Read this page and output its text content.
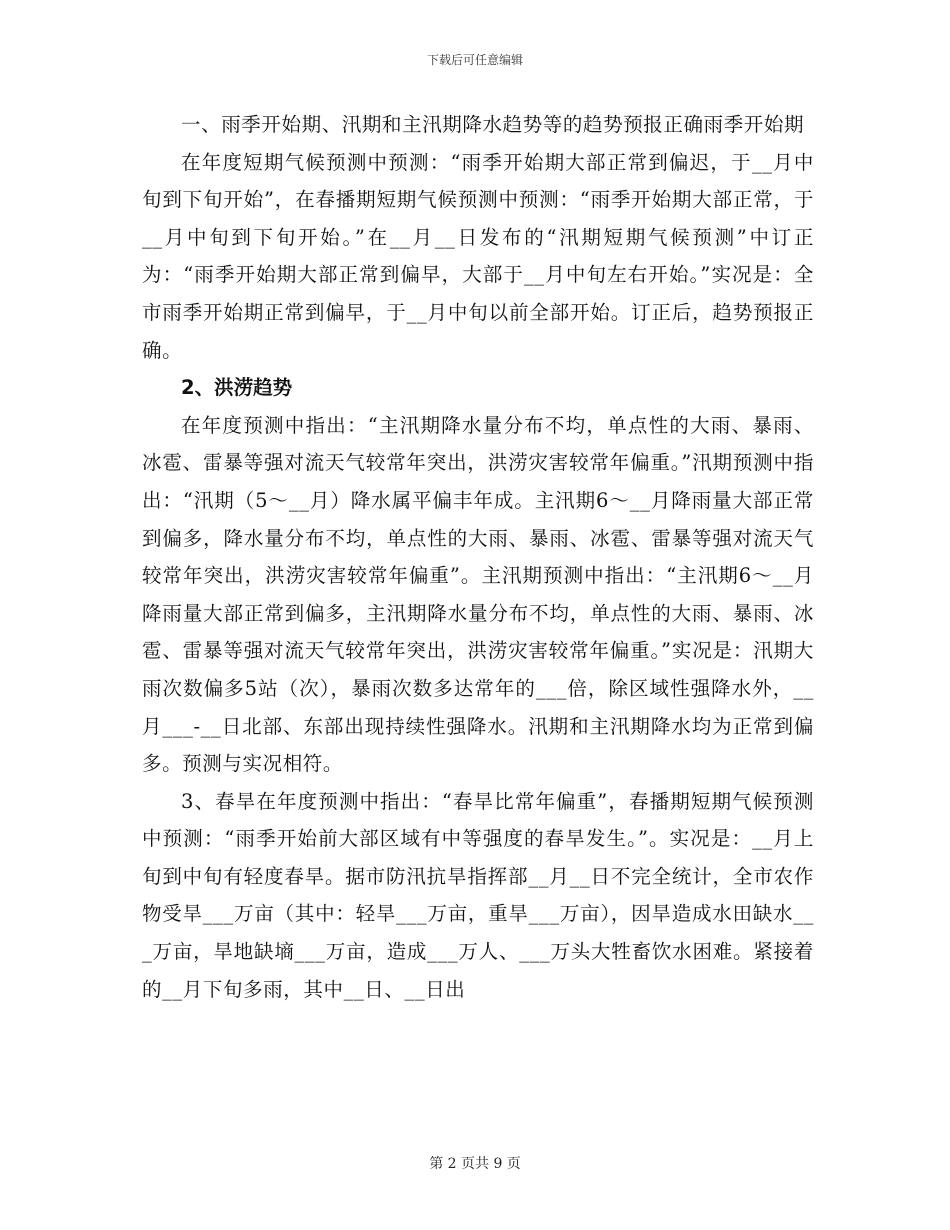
下载后可任意编辑

一、雨季开始期、汛期和主汛期降水趋势等的趋势预报正确雨季开始期

在年度短期气候预测中预测：“雨季开始期大部正常到偏迟，于__月中旬到下旬开始”，在春播期短期气候预测中预测：“雨季开始期大部正常，于__月中旬到下旬开始。”在__月__日发布的“汛期短期气候预测”中订正为：“雨季开始期大部正常到偏早，大部于__月中旬左右开始。”实况是：全市雨季开始期正常到偏早，于__月中旬以前全部开始。订正后，趋势预报正确。

2、洪涝趋势

在年度预测中指出：“主汛期降水量分布不均，单点性的大雨、暴雨、冰雹、雷暴等强对流天气较常年突出，洪涝灾害较常年偏重。”汛期预测中指出：“汛期（5～__月）降水属平偏丰年成。主汛期6～__月降雨量大部正常到偏多，降水量分布不均，单点性的大雨、暴雨、冰雹、雷暴等强对流天气较常年突出，洪涝灾害较常年偏重”。主汛期预测中指出：“主汛期6～__月降雨量大部正常到偏多，主汛期降水量分布不均，单点性的大雨、暴雨、冰雹、雷暴等强对流天气较常年突出，洪涝灾害较常年偏重。”实况是：汛期大雨次数偏多5站（次），暴雨次数多达常年的___倍，除区域性强降水外，__月___-__日北部、东部出现持续性强降水。汛期和主汛期降水均为正常到偏多。预测与实况相符。

3、春旱在年度预测中指出：“春旱比常年偏重”，春播期短期气候预测中预测：“雨季开始前大部区域有中等强度的春旱发生。”。实况是：__月上旬到中旬有轻度春旱。据市防汛抗旱指挥部__月__日不完全统计，全市农作物受旱___万亩（其中：轻旱___万亩，重旱___万亩），因旱造成水田缺水___万亩，旱地缺墒___万亩，造成___万人、___万头大牲畜饮水困难。紧接着的__月下旬多雨，其中__日、__日出

第 2 页共 9 页
